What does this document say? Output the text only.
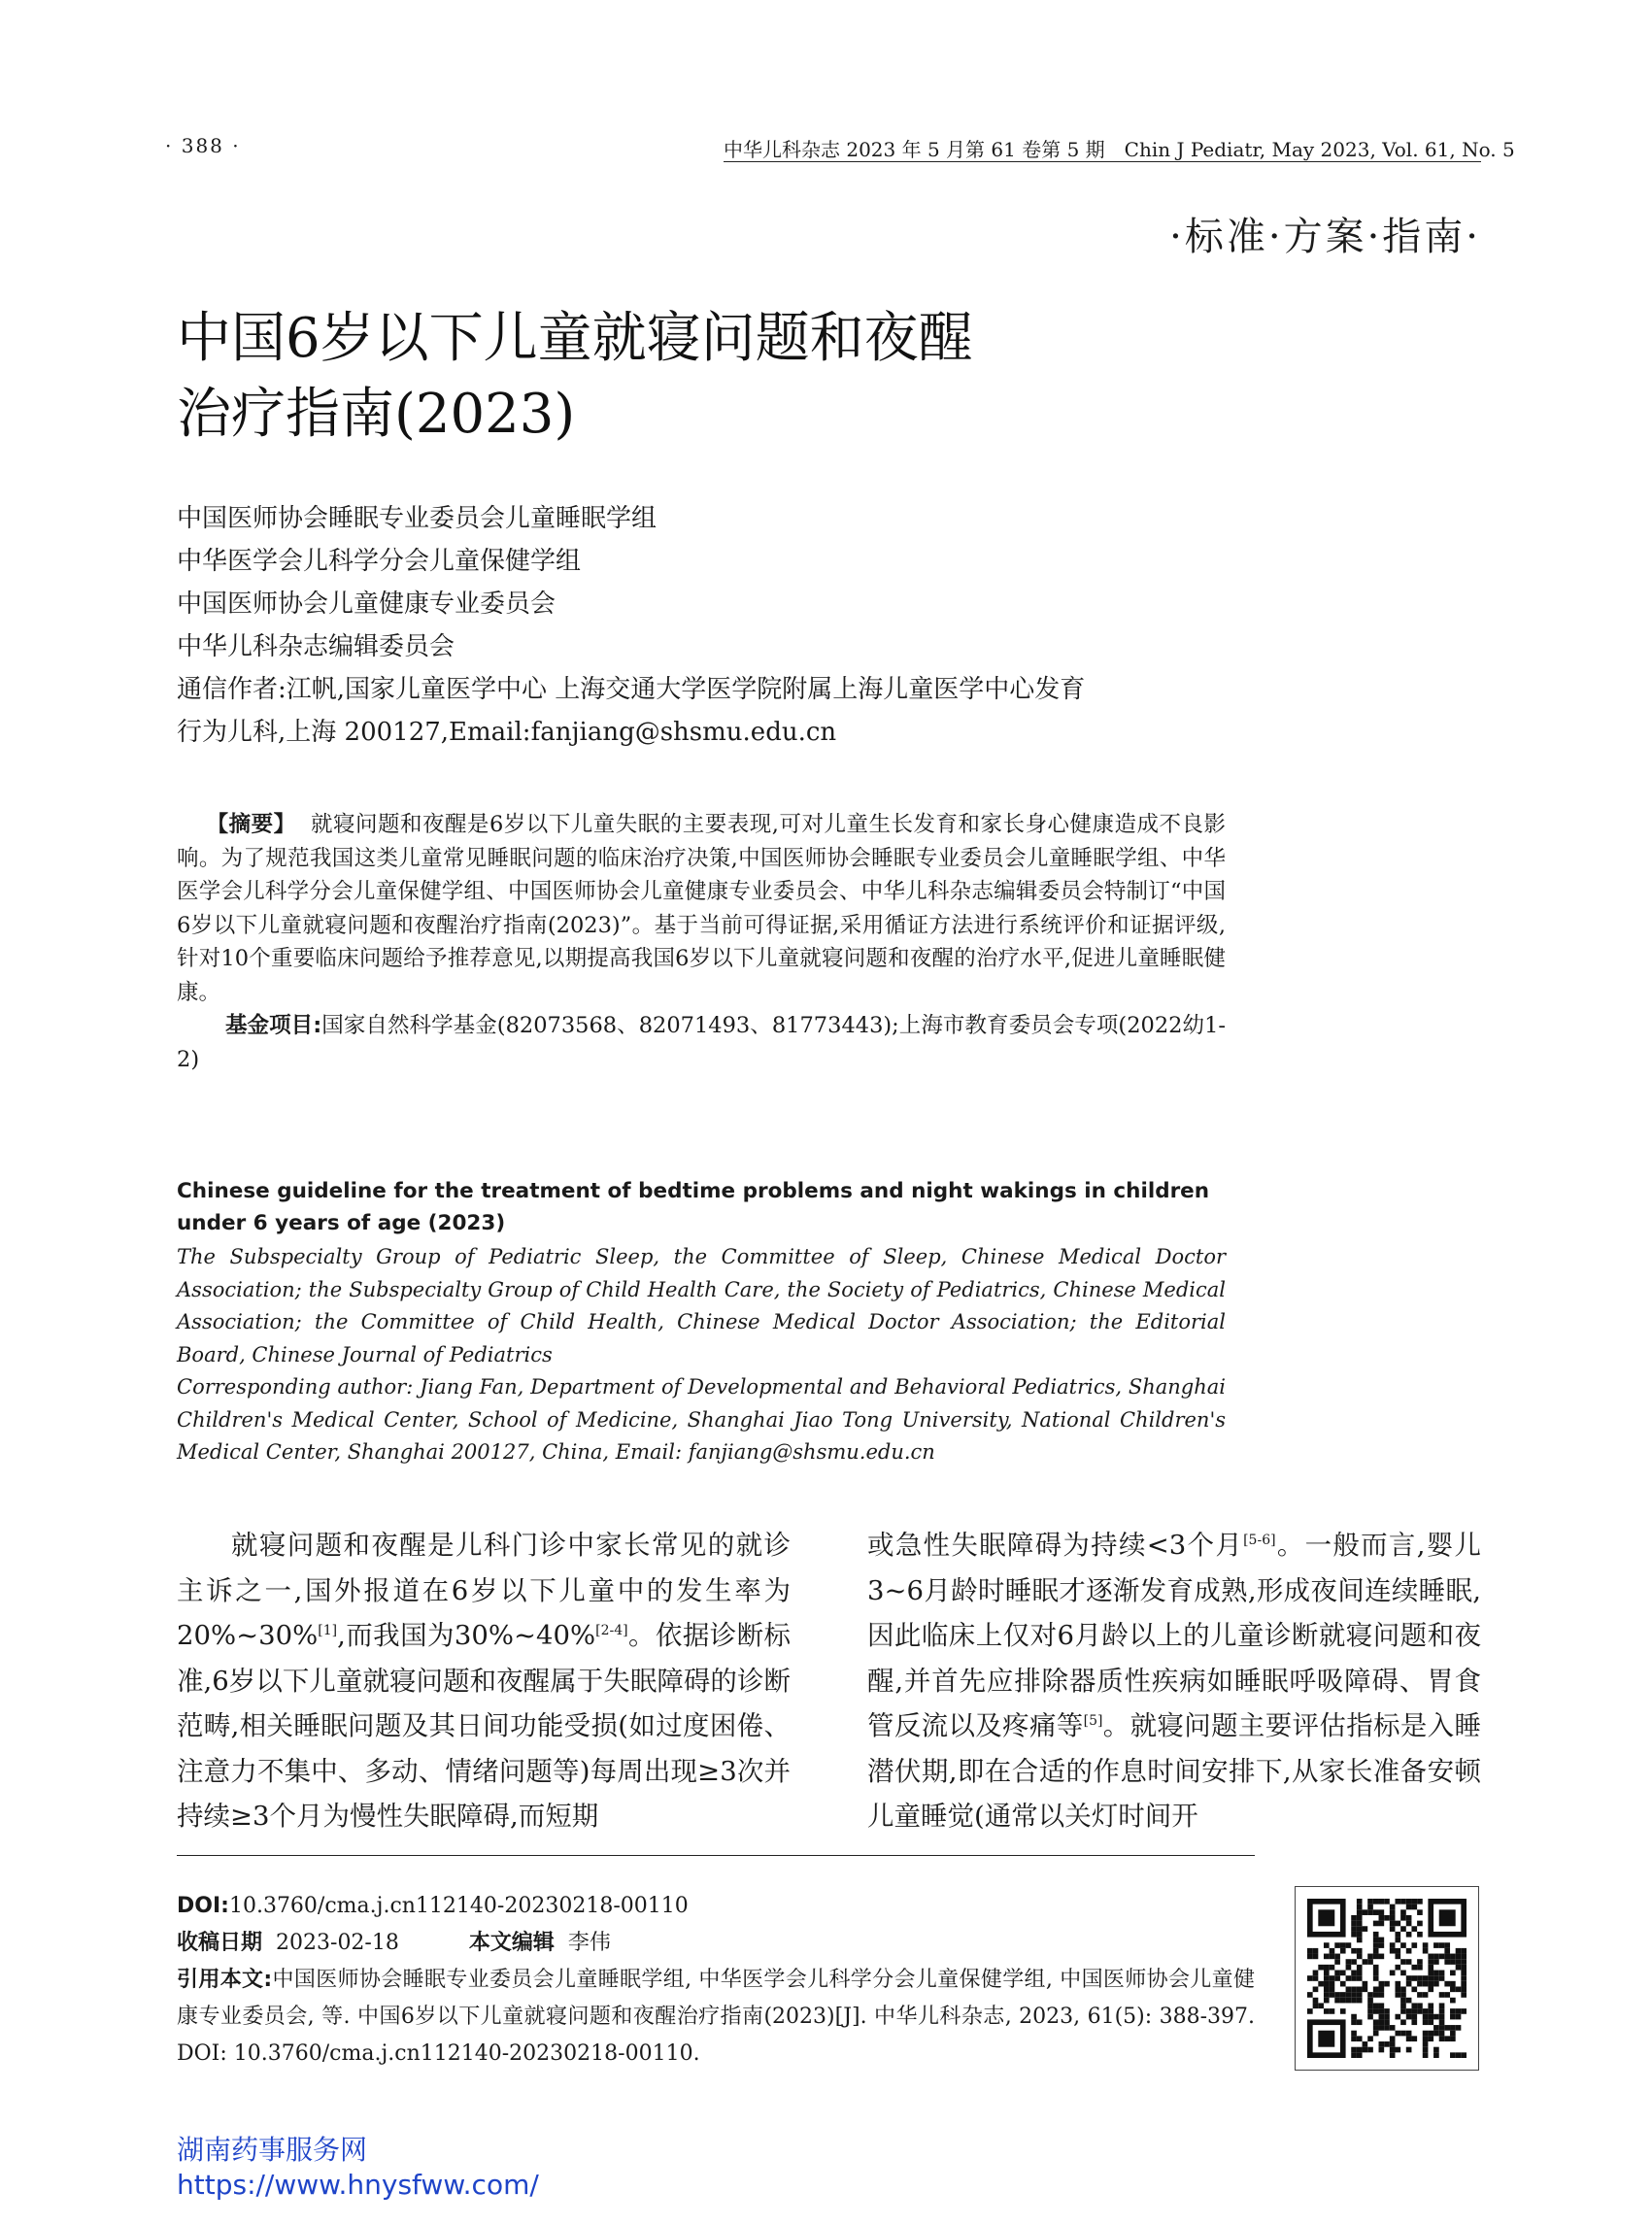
· 388 ·	中华儿科杂志 2023 年 5 月第 61 卷第 5 期　Chin J Pediatr, May 2023, Vol. 61, No. 5
·标准·方案·指南·
中国6岁以下儿童就寝问题和夜醒
治疗指南(2023)
中国医师协会睡眠专业委员会儿童睡眠学组
中华医学会儿科学分会儿童保健学组
中国医师协会儿童健康专业委员会
中华儿科杂志编辑委员会
通信作者:江帆,国家儿童医学中心 上海交通大学医学院附属上海儿童医学中心发育
行为儿科,上海 200127,Email:fanjiang@shsmu.edu.cn

【摘要】 就寝问题和夜醒是6岁以下儿童失眠的主要表现,可对儿童生长发育和家长身心健康造成不良影响。为了规范我国这类儿童常见睡眠问题的临床治疗决策,中国医师协会睡眠专业委员会儿童睡眠学组、中华医学会儿科学分会儿童保健学组、中国医师协会儿童健康专业委员会、中华儿科杂志编辑委员会特制订“中国6岁以下儿童就寝问题和夜醒治疗指南(2023)”。基于当前可得证据,采用循证方法进行系统评价和证据评级,针对10个重要临床问题给予推荐意见,以期提高我国6岁以下儿童就寝问题和夜醒的治疗水平,促进儿童睡眠健康。

基金项目:国家自然科学基金(82073568、82071493、81773443);上海市教育委员会专项(2022幼1-2)

Chinese guideline for the treatment of bedtime problems and night wakings in children under 6 years of age (2023)

The Subspecialty Group of Pediatric Sleep, the Committee of Sleep, Chinese Medical Doctor Association; the Subspecialty Group of Child Health Care, the Society of Pediatrics, Chinese Medical Association; the Committee of Child Health, Chinese Medical Doctor Association; the Editorial Board, Chinese Journal of Pediatrics

Corresponding author: Jiang Fan, Department of Developmental and Behavioral Pediatrics, Shanghai Children's Medical Center, School of Medicine, Shanghai Jiao Tong University, National Children's Medical Center, Shanghai 200127, China, Email: fanjiang@shsmu.edu.cn

就寝问题和夜醒是儿科门诊中家长常见的就诊主诉之一,国外报道在6岁以下儿童中的发生率为20%~30%[1],而我国为30%~40%[2-4]。依据诊断标准,6岁以下儿童就寝问题和夜醒属于失眠障碍的诊断范畴,相关睡眠问题及其日间功能受损(如过度困倦、注意力不集中、多动、情绪问题等)每周出现≥3次并持续≥3个月为慢性失眠障碍,而短期

或急性失眠障碍为持续<3个月[5-6]。一般而言,婴儿3~6月龄时睡眠才逐渐发育成熟,形成夜间连续睡眠,因此临床上仅对6月龄以上的儿童诊断就寝问题和夜醒,并首先应排除器质性疾病如睡眠呼吸障碍、胃食管反流以及疼痛等[5]。就寝问题主要评估指标是入睡潜伏期,即在合适的作息时间安排下,从家长准备安顿儿童睡觉(通常以关灯时间开

DOI:10.3760/cma.j.cn112140-20230218-00110
收稿日期 2023-02-18	本文编辑 李伟
引用本文:中国医师协会睡眠专业委员会儿童睡眠学组, 中华医学会儿科学分会儿童保健学组, 中国医师协会儿童健康专业委员会, 等. 中国6岁以下儿童就寝问题和夜醒治疗指南(2023)[J]. 中华儿科杂志, 2023, 61(5): 388-397. DOI: 10.3760/cma.j.cn112140-20230218-00110.
湖南药事服务网
https://www.hnysfww.com/
